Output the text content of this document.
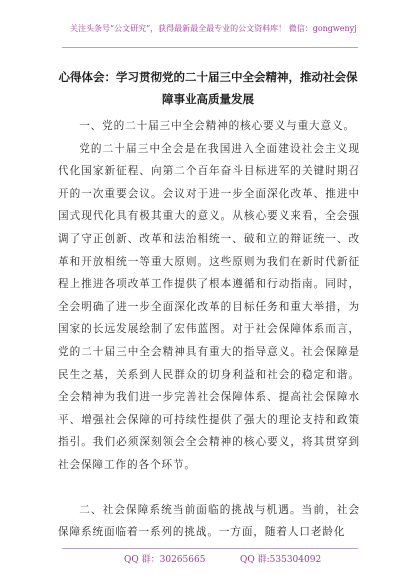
关注头条号“公文研究”，获得最新最全最专业的公文资料库！ 微信：gongwenyj
心得体会：学习贯彻党的二十届三中全会精神，推动社会保障事业高质量发展

一、党的二十届三中全会精神的核心要义与重大意义。

党的二十届三中全会是在我国进入全面建设社会主义现代化国家新征程、向第二个百年奋斗目标进军的关键时期召开的一次重要会议。会议对于进一步全面深化改革、推进中国式现代化具有极其重大的意义。从核心要义来看，全会强调了守正创新、改革和法治相统一、破和立的辩证统一、改革和开放相统一等重大原则。这些原则为我们在新时代新征程上推进各项改革工作提供了根本遵循和行动指南。同时，全会明确了进一步全面深化改革的目标任务和重大举措，为国家的长远发展绘制了宏伟蓝图。对于社会保障体系而言，党的二十届三中全会精神具有重大的指导意义。社会保障是民生之基，关系到人民群众的切身利益和社会的稳定和谐。全会精神为我们进一步完善社会保障体系、提高社会保障水平、增强社会保障的可持续性提供了强大的理论支持和政策指引。我们必须深刻领会全会精神的核心要义，将其贯穿到社会保障工作的各个环节。

二、社会保障系统当前面临的挑战与机遇。当前，社会保障系统面临着一系列的挑战。一方面，随着人口老龄化

QQ 群：30265665	QQ 群:535304092
